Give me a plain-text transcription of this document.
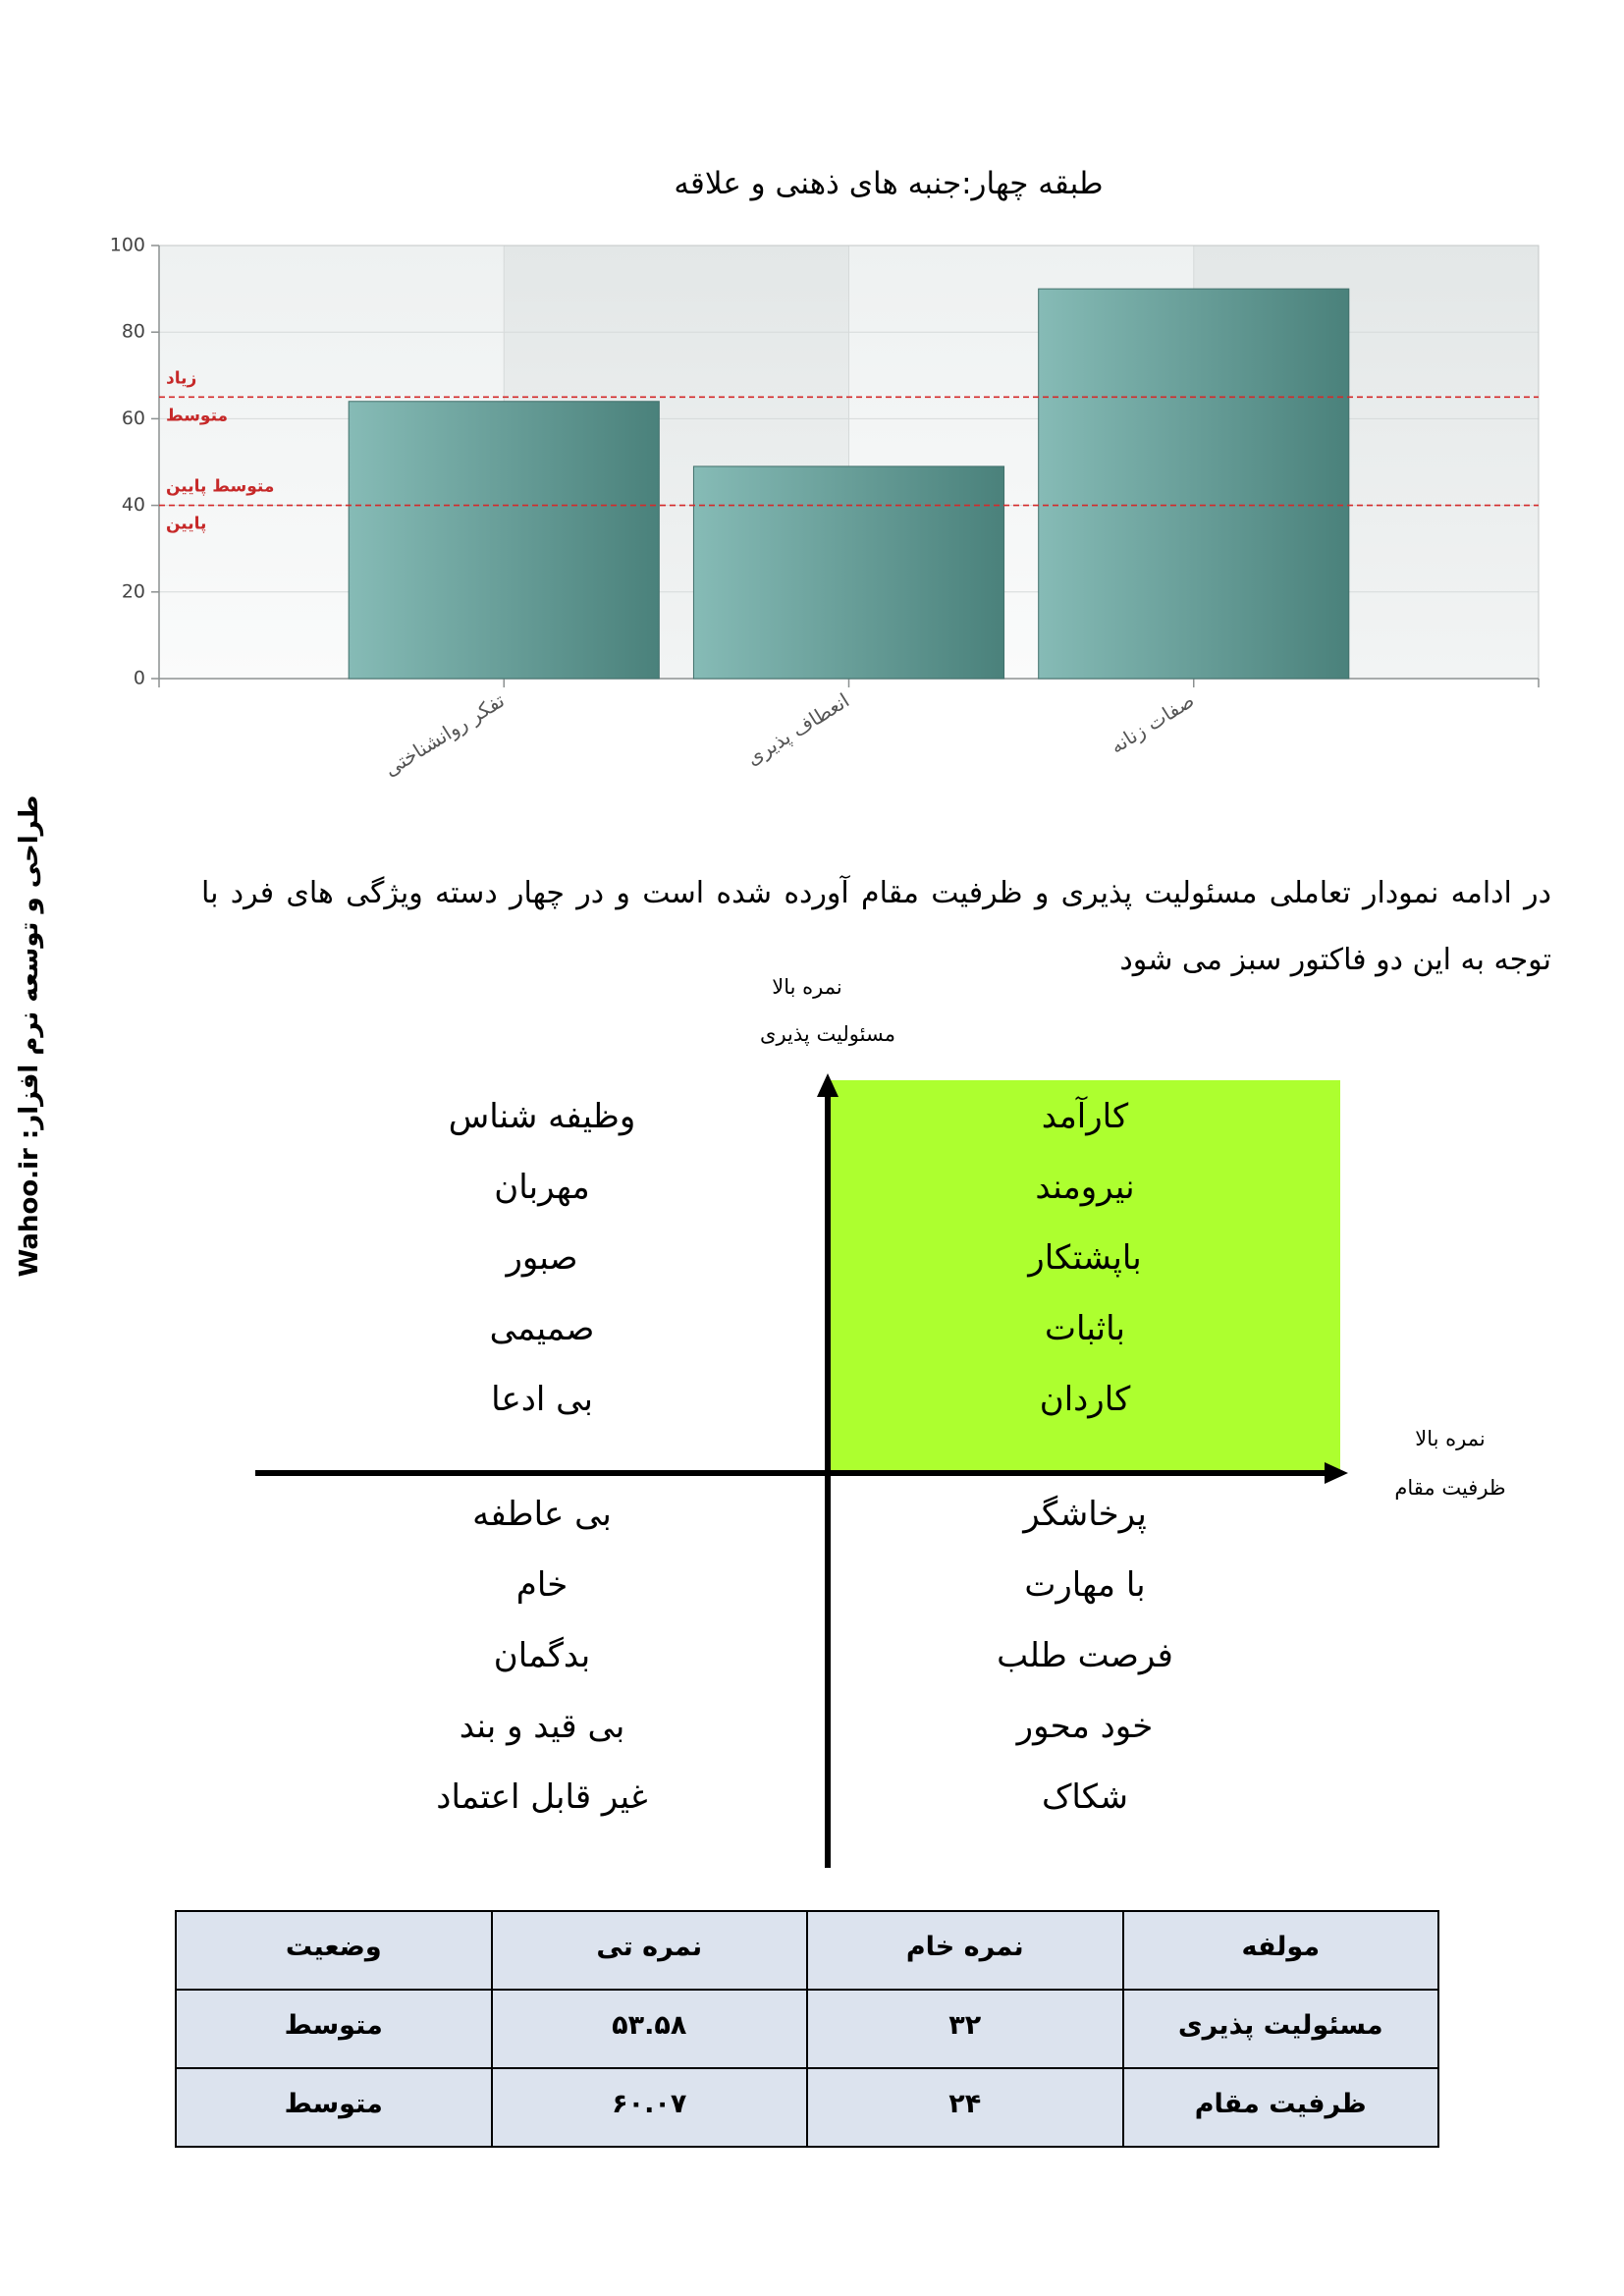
طراحی و توسعه نرم افزار: Wahoo.ir
طبقه چهار:جنبه های ذهنی و علاقه
0
20
40
60
80
100
زیاد
متوسط
متوسط پایین
پایین
تفکر روانشناختی	انعطاف پذیری	صفات زنانه

در ادامه نمودار تعاملی مسئولیت پذیری و ظرفیت مقام آورده شده است و در چهار دسته ویژگی های فرد با توجه به این دو فاکتور سبز می شود

نمره بالا
مسئولیت پذیری
نمره بالا
ظرفیت مقام
وظیفه شناس
مهربان
صبور
صمیمی
بی ادعا
کارآمد
نیرومند
باپشتکار
باثبات
کاردان
بی عاطفه
خام
بدگمان
بی قید و بند
غیر قابل اعتماد
پرخاشگر
با مهارت
فرصت طلب
خود محور
شکاک
مولفه	نمره خام	نمره تی	وضعیت
مسئولیت پذیری	۳۲	۵۳.۵۸	متوسط
ظرفیت مقام	۲۴	۶۰.۰۷	متوسط
